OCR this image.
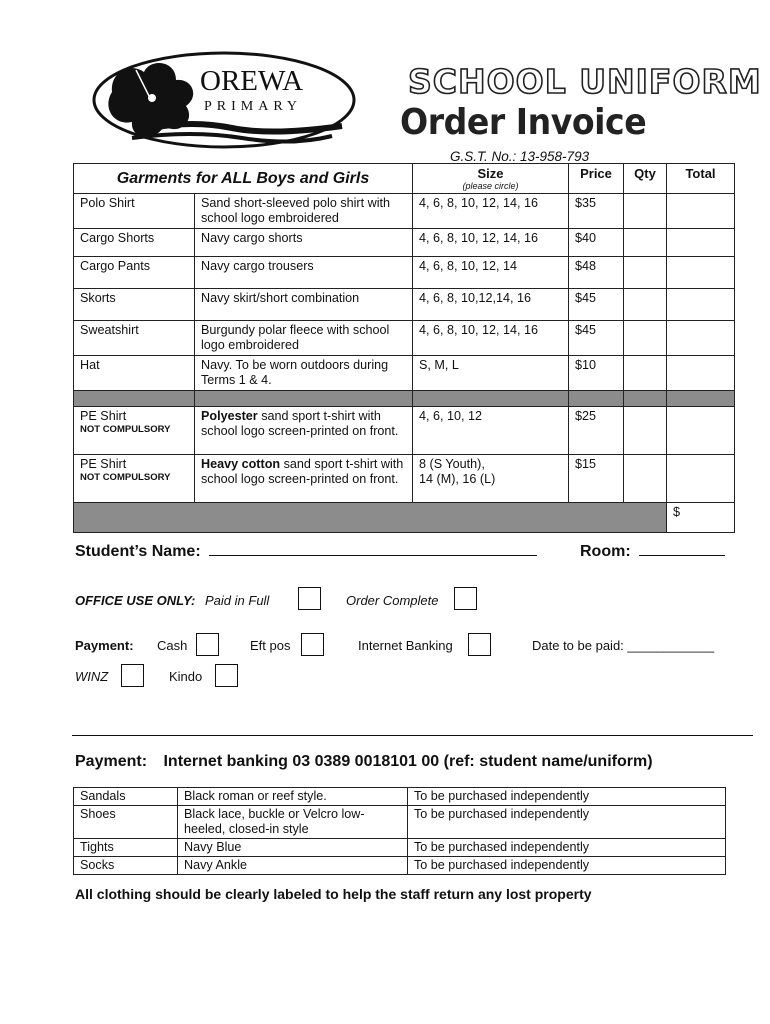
OREWA
PRIMARY
SCHOOL UNIFORM
Order Invoice
G.S.T. No.: 13-958-793
Garments for ALL Boys and Girls		Size
(please circle)	Price	Qty	Total
Polo Shirt	Sand short-sleeved polo shirt with school logo embroidered	4, 6, 8, 10, 12, 14, 16	$35		
Cargo Shorts	Navy cargo shorts	4, 6, 8, 10, 12, 14, 16	$40		
Cargo Pants	Navy cargo trousers	4, 6, 8, 10, 12, 14	$48		
Skorts	Navy skirt/short combination	4, 6, 8, 10,12,14, 16	$45		
Sweatshirt	Burgundy polar fleece with school logo embroidered	4, 6, 8, 10, 12, 14, 16	$45		
Hat	Navy. To be worn outdoors during Terms 1 & 4.	S, M, L	$10		

PE Shirt
NOT COMPULSORY	Polyester sand sport t-shirt with school logo screen-printed on front.	4, 6, 10, 12	$25		
PE Shirt
NOT COMPULSORY	Heavy cotton sand sport t-shirt with school logo screen-printed on front.	8 (S Youth),
14 (M), 16 (L)	$15		
					$
Student’s Name:	Room:
OFFICE USE ONLY: Paid in Full	Order Complete
Payment: Cash	Eft pos	Internet Banking	Date to be paid: ____________
WINZ	Kindo
Payment: Internet banking 03 0389 0018101 00 (ref: student name/uniform)
Sandals	Black roman or reef style.	To be purchased independently
Shoes	Black lace, buckle or Velcro low-heeled, closed-in style	To be purchased independently
Tights	Navy Blue	To be purchased independently
Socks	Navy Ankle	To be purchased independently
All clothing should be clearly labeled to help the staff return any lost property
